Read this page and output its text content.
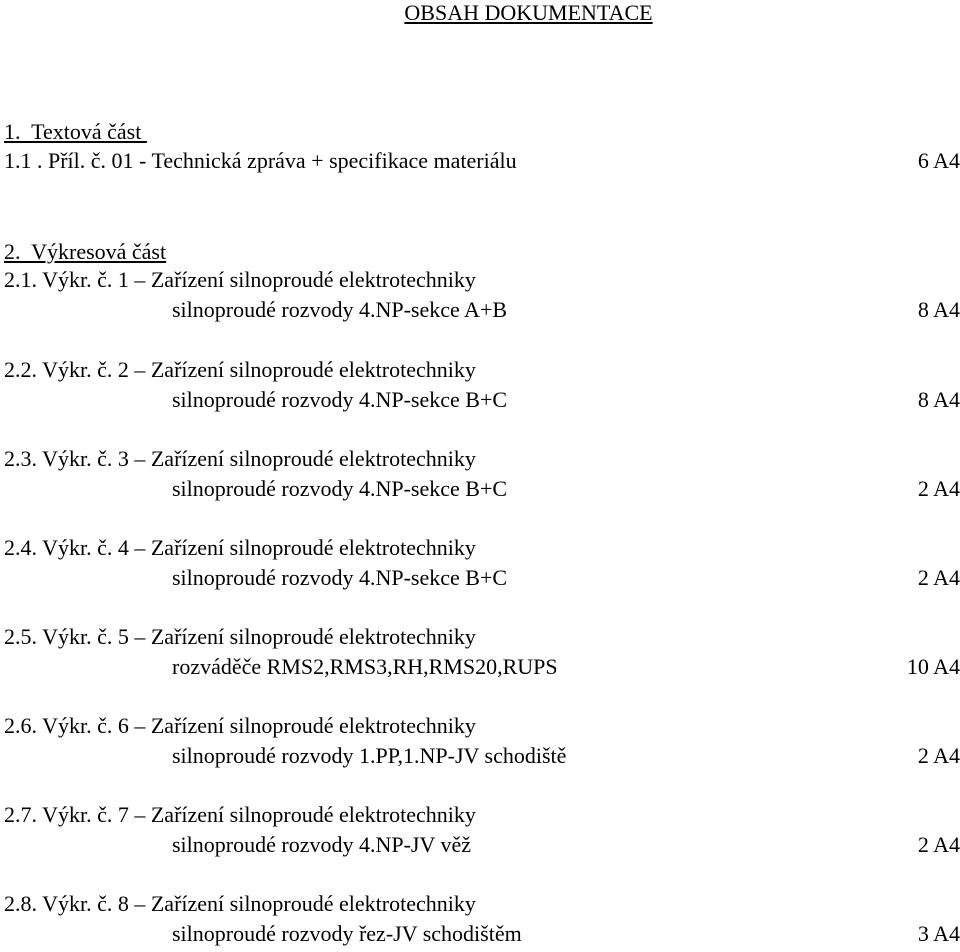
OBSAH DOKUMENTACE
1.  Textová část
1.1 . Příl. č. 01 - Technická zpráva + specifikace materiálu	6 A4
2.  Výkresová část
2.1. Výkr. č. 1 – Zařízení silnoproudé elektrotechniky
silnoproudé rozvody 4.NP-sekce A+B	8 A4
2.2. Výkr. č. 2 – Zařízení silnoproudé elektrotechniky
silnoproudé rozvody 4.NP-sekce B+C	8 A4
2.3. Výkr. č. 3 – Zařízení silnoproudé elektrotechniky
silnoproudé rozvody 4.NP-sekce B+C	2 A4
2.4. Výkr. č. 4 – Zařízení silnoproudé elektrotechniky
silnoproudé rozvody 4.NP-sekce B+C	2 A4
2.5. Výkr. č. 5 – Zařízení silnoproudé elektrotechniky
rozváděče RMS2,RMS3,RH,RMS20,RUPS	10 A4
2.6. Výkr. č. 6 – Zařízení silnoproudé elektrotechniky
silnoproudé rozvody 1.PP,1.NP-JV schodiště	2 A4
2.7. Výkr. č. 7 – Zařízení silnoproudé elektrotechniky
silnoproudé rozvody 4.NP-JV věž	2 A4
2.8. Výkr. č. 8 – Zařízení silnoproudé elektrotechniky
silnoproudé rozvody řez-JV schodištěm	3 A4
